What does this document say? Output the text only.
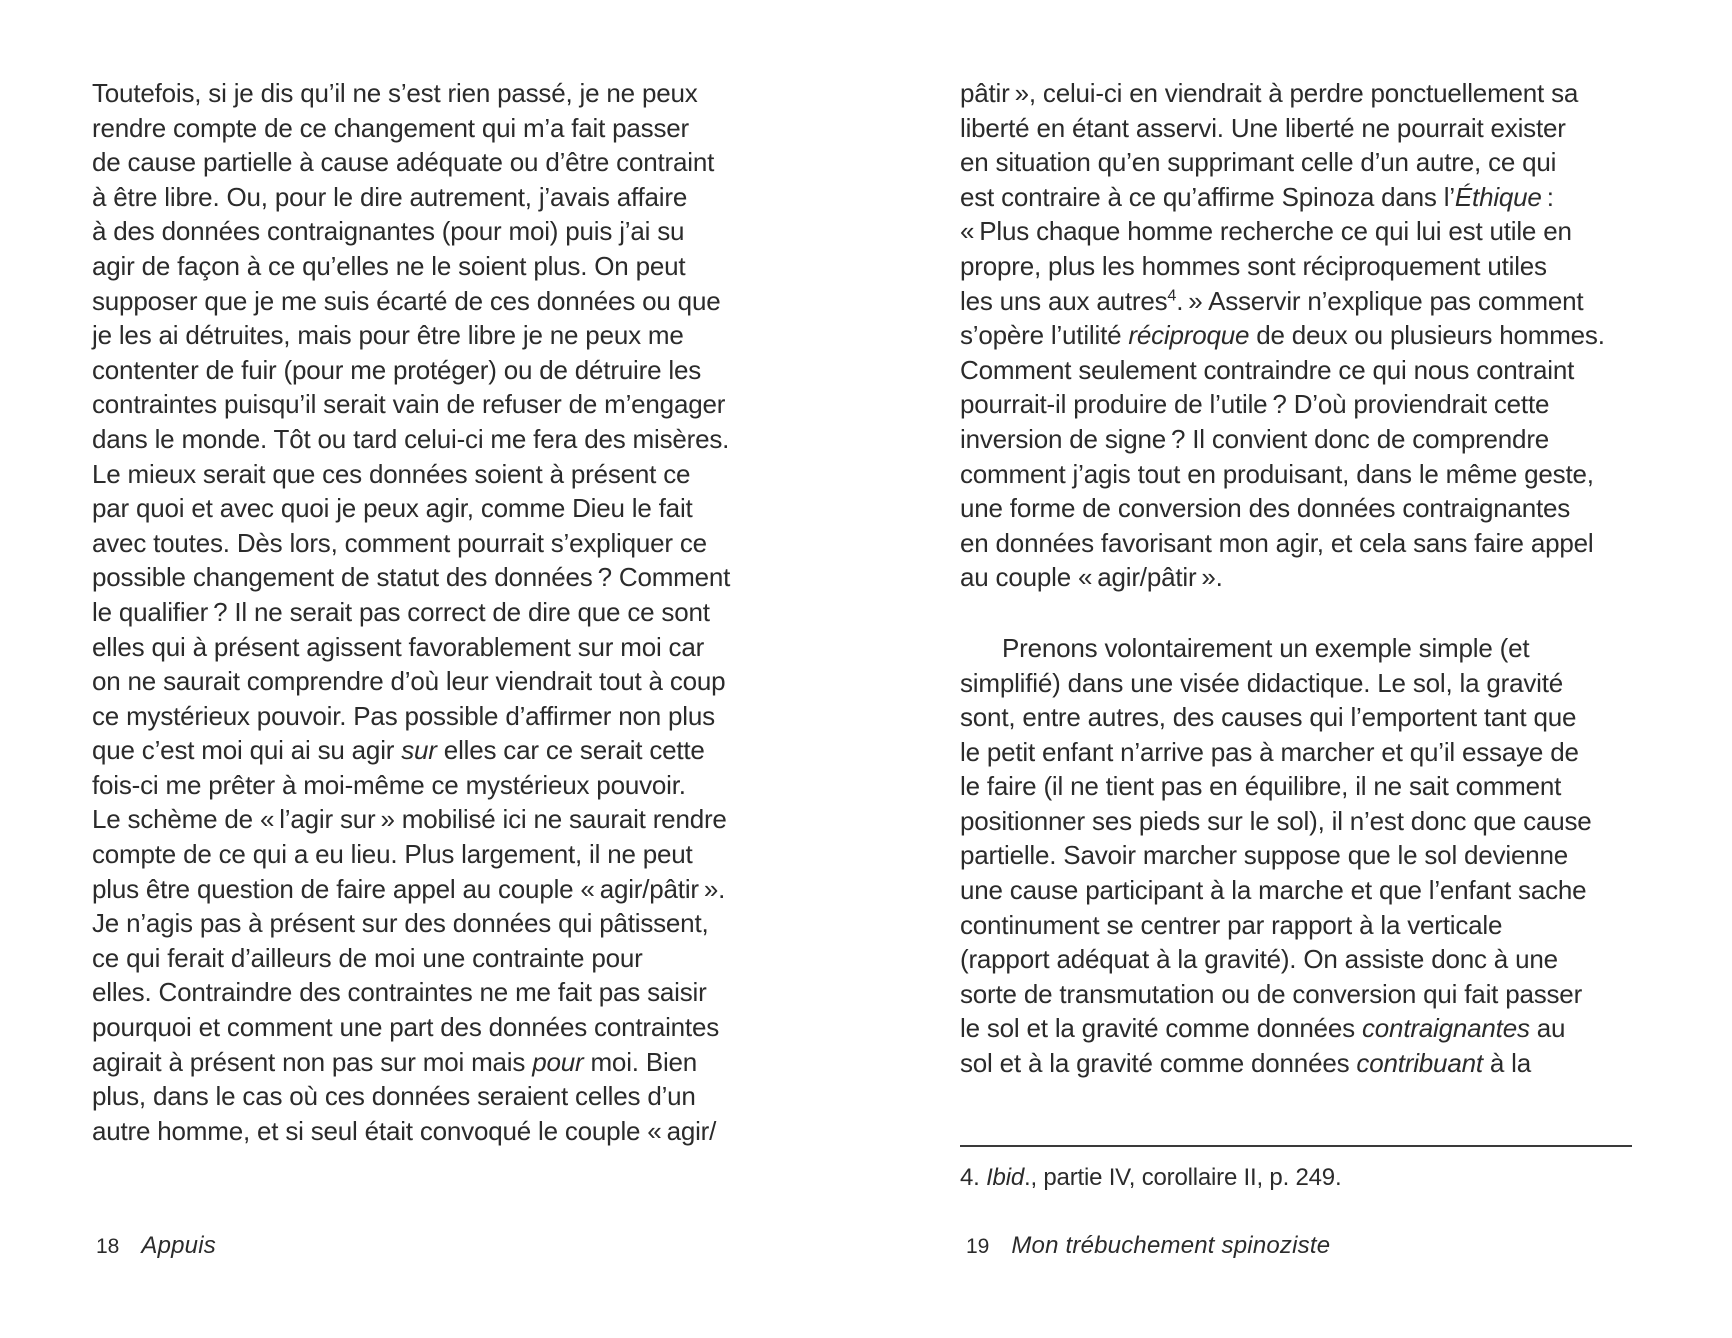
Toutefois, si je dis qu’il ne s’est rien passé, je ne peux
rendre compte de ce changement qui m’a fait passer
de cause partielle à cause adéquate ou d’être contraint
à être libre. Ou, pour le dire autrement, j’avais affaire
à des données contraignantes (pour moi) puis j’ai su
agir de façon à ce qu’elles ne le soient plus. On peut
supposer que je me suis écarté de ces données ou que
je les ai détruites, mais pour être libre je ne peux me
contenter de fuir (pour me protéger) ou de détruire les
contraintes puisqu’il serait vain de refuser de m’engager
dans le monde. Tôt ou tard celui-ci me fera des misères.
Le mieux serait que ces données soient à présent ce
par quoi et avec quoi je peux agir, comme Dieu le fait
avec toutes. Dès lors, comment pourrait s’expliquer ce
possible changement de statut des données ? Comment
le qualifier ? Il ne serait pas correct de dire que ce sont
elles qui à présent agissent favorablement sur moi car
on ne saurait comprendre d’où leur viendrait tout à coup
ce mystérieux pouvoir. Pas possible d’affirmer non plus
que c’est moi qui ai su agir sur elles car ce serait cette
fois-ci me prêter à moi-même ce mystérieux pouvoir.
Le schème de « l’agir sur » mobilisé ici ne saurait rendre
compte de ce qui a eu lieu. Plus largement, il ne peut
plus être question de faire appel au couple « agir/pâtir ».
Je n’agis pas à présent sur des données qui pâtissent,
ce qui ferait d’ailleurs de moi une contrainte pour
elles. Contraindre des contraintes ne me fait pas saisir
pourquoi et comment une part des données contraintes
agirait à présent non pas sur moi mais pour moi. Bien
plus, dans le cas où ces données seraient celles d’un
autre homme, et si seul était convoqué le couple « agir/
pâtir », celui-ci en viendrait à perdre ponctuellement sa
liberté en étant asservi. Une liberté ne pourrait exister
en situation qu’en supprimant celle d’un autre, ce qui
est contraire à ce qu’affirme Spinoza dans l’Éthique :
« Plus chaque homme recherche ce qui lui est utile en
propre, plus les hommes sont réciproquement utiles
les uns aux autres$^4$. » Asservir n’explique pas comment
s’opère l’utilité réciproque de deux ou plusieurs hommes.
Comment seulement contraindre ce qui nous contraint
pourrait-il produire de l’utile ? D’où proviendrait cette
inversion de signe ? Il convient donc de comprendre
comment j’agis tout en produisant, dans le même geste,
une forme de conversion des données contraignantes
en données favorisant mon agir, et cela sans faire appel
au couple « agir/pâtir ».
Prenons volontairement un exemple simple (et
simplifié) dans une visée didactique. Le sol, la gravité
sont, entre autres, des causes qui l’emportent tant que
le petit enfant n’arrive pas à marcher et qu’il essaye de
le faire (il ne tient pas en équilibre, il ne sait comment
positionner ses pieds sur le sol), il n’est donc que cause
partielle. Savoir marcher suppose que le sol devienne
une cause participant à la marche et que l’enfant sache
continument se centrer par rapport à la verticale
(rapport adéquat à la gravité). On assiste donc à une
sorte de transmutation ou de conversion qui fait passer
le sol et la gravité comme données contraignantes au
sol et à la gravité comme données contribuant à la
4. Ibid., partie IV, corollaire II, p. 249.
18 Appuis	19 Mon trébuchement spinoziste
